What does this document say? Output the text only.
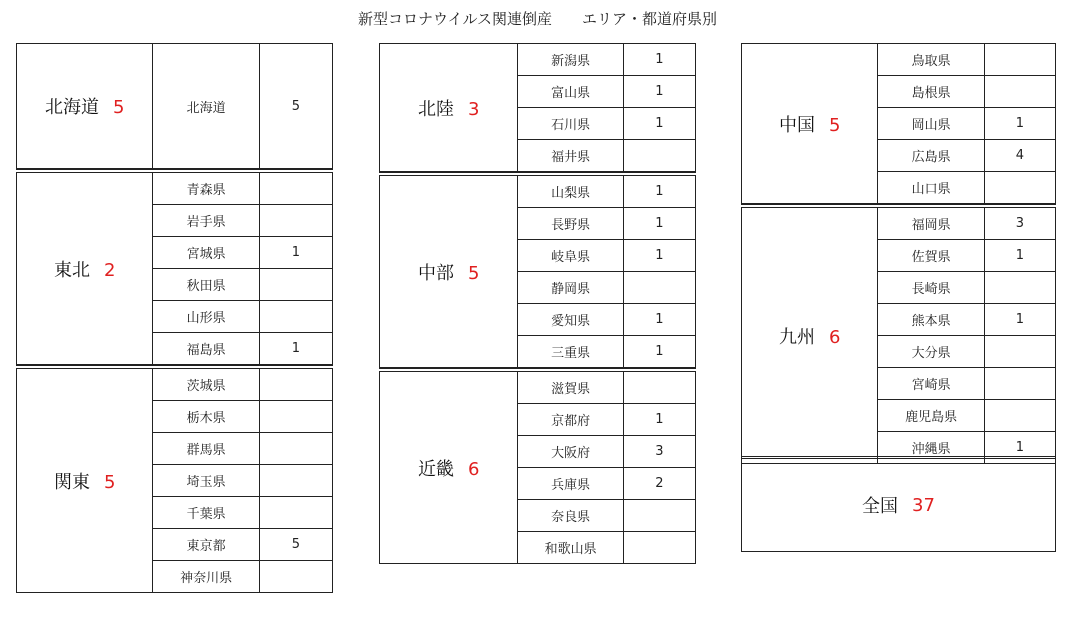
新型コロナウイルス関連倒産　　エリア・都道府県別
北海道 5	北海道	5
東北 2	青森県	
	岩手県	
	宮城県	1
	秋田県	
	山形県	
	福島県	1
関東 5	茨城県	
	栃木県	
	群馬県	
	埼玉県	
	千葉県	
	東京都	5
	神奈川県	
北陸 3	新潟県	1
	富山県	1
	石川県	1
	福井県	
中部 5	山梨県	1
	長野県	1
	岐阜県	1
	静岡県	
	愛知県	1
	三重県	1
近畿 6	滋賀県	
	京都府	1
	大阪府	3
	兵庫県	2
	奈良県	
	和歌山県	
中国 5	鳥取県	
	島根県	
	岡山県	1
	広島県	4
	山口県	
九州 6	福岡県	3
	佐賀県	1
	長崎県	
	熊本県	1
	大分県	
	宮崎県	
	鹿児島県	
	沖縄県	1
全国 37
